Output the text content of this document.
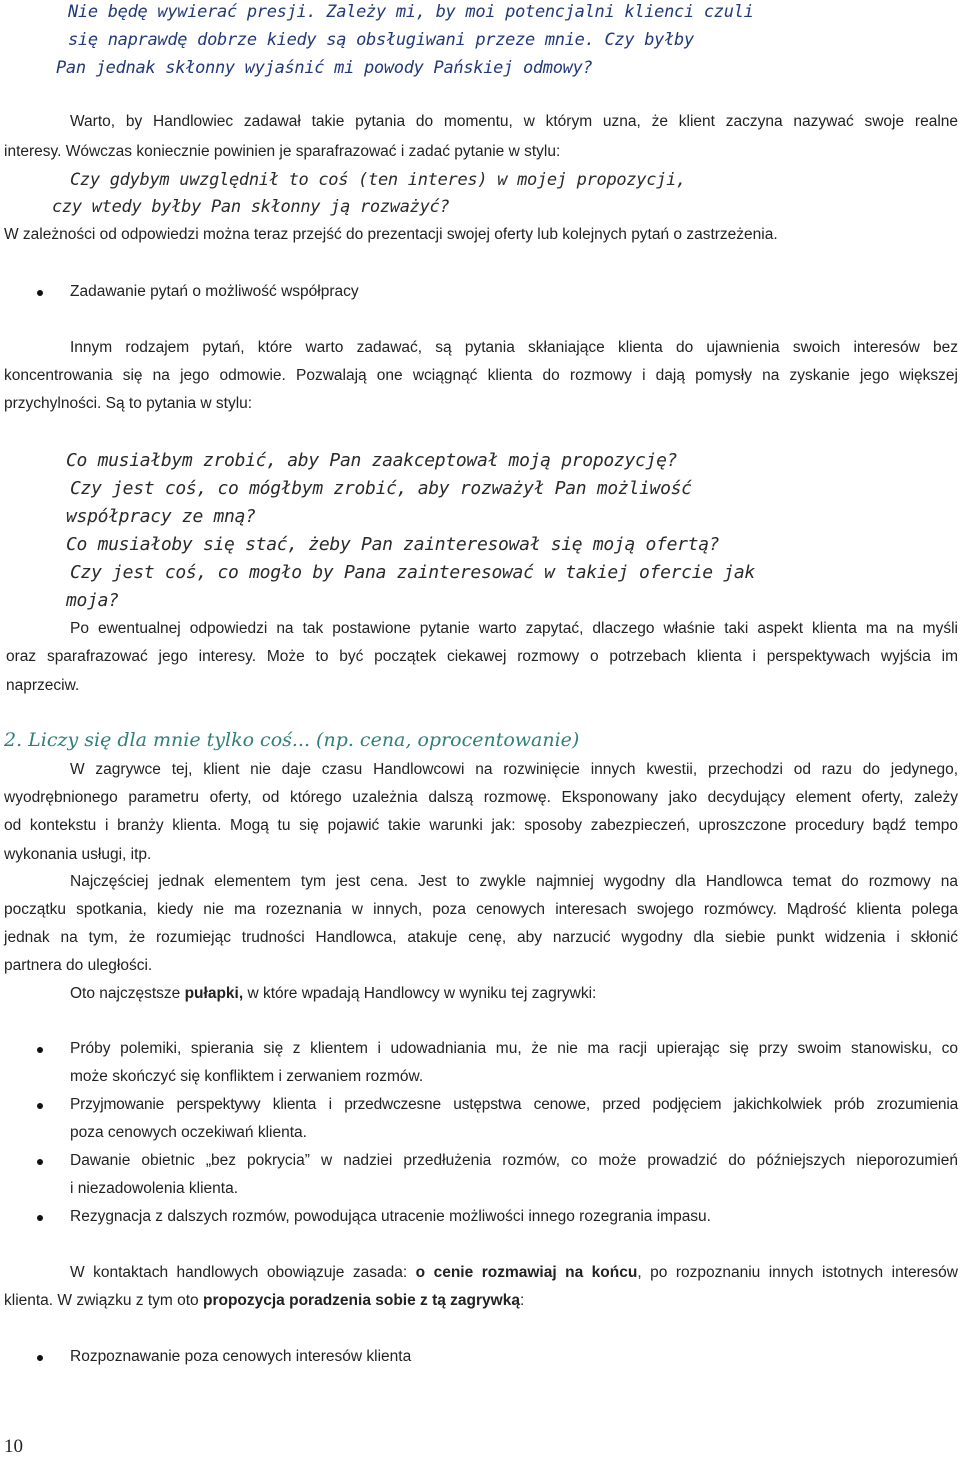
Nie będę wywierać presji. Zależy mi, by moi potencjalni klienci czuli
się naprawdę dobrze kiedy są obsługiwani przeze mnie. Czy byłby
Pan jednak skłonny wyjaśnić mi powody Pańskiej odmowy?
Warto, by Handlowiec zadawał takie pytania do momentu, w którym uzna, że klient zaczyna nazywać swoje realne
interesy. Wówczas koniecznie powinien je sparafrazować i zadać pytanie w stylu:
Czy gdybym uwzględnił to coś (ten interes) w mojej propozycji,
czy wtedy byłby Pan skłonny ją rozważyć?
W zależności od odpowiedzi można teraz przejść do prezentacji swojej oferty lub kolejnych pytań o zastrzeżenia.
Zadawanie pytań o możliwość współpracy
Innym rodzajem pytań, które warto zadawać, są pytania skłaniające klienta do ujawnienia swoich interesów bez
koncentrowania się na jego odmowie. Pozwalają one wciągnąć klienta do rozmowy i dają pomysły na zyskanie jego większej
przychylności. Są to pytania w stylu:
Co musiałbym zrobić, aby Pan zaakceptował moją propozycję?
Czy jest coś, co mógłbym zrobić, aby rozważył Pan możliwość
współpracy ze mną?
Co musiałoby się stać, żeby Pan zainteresował się moją ofertą?
Czy jest coś, co mogło by Pana zainteresować w takiej ofercie jak
moja?
Po ewentualnej odpowiedzi na tak postawione pytanie warto zapytać, dlaczego właśnie taki aspekt klienta ma na myśli
oraz sparafrazować jego interesy. Może to być początek ciekawej rozmowy o potrzebach klienta i perspektywach wyjścia im
naprzeciw.
2. Liczy się dla mnie tylko coś... (np. cena, oprocentowanie)
W zagrywce tej, klient nie daje czasu Handlowcowi na rozwinięcie innych kwestii, przechodzi od razu do jedynego,
wyodrębnionego parametru oferty, od którego uzależnia dalszą rozmowę. Eksponowany jako decydujący element oferty, zależy
od kontekstu i branży klienta. Mogą tu się pojawić takie warunki jak: sposoby zabezpieczeń, uproszczone procedury bądź tempo
wykonania usługi, itp.
Najczęściej jednak elementem tym jest cena. Jest to zwykle najmniej wygodny dla Handlowca temat do rozmowy na
początku spotkania, kiedy nie ma rozeznania w innych, poza cenowych interesach swojego rozmówcy. Mądrość klienta polega
jednak na tym, że rozumiejąc trudności Handlowca, atakuje cenę, aby narzucić wygodny dla siebie punkt widzenia i skłonić
partnera do uległości.
Oto najczęstsze pułapki, w które wpadają Handlowcy w wyniku tej zagrywki:
Próby polemiki, spierania się z klientem i udowadniania mu, że nie ma racji upierając się przy swoim stanowisku, co
może skończyć się konfliktem i zerwaniem rozmów.
Przyjmowanie perspektywy klienta i przedwczesne ustępstwa cenowe, przed podjęciem jakichkolwiek prób zrozumienia
poza cenowych oczekiwań klienta.
Dawanie obietnic „bez pokrycia” w nadziei przedłużenia rozmów, co może prowadzić do późniejszych nieporozumień
i niezadowolenia klienta.
Rezygnacja z dalszych rozmów, powodująca utracenie możliwości innego rozegrania impasu.
W kontaktach handlowych obowiązuje zasada: o cenie rozmawiaj na końcu, po rozpoznaniu innych istotnych interesów
klienta. W związku z tym oto propozycja poradzenia sobie z tą zagrywką:
Rozpoznawanie poza cenowych interesów klienta
10
